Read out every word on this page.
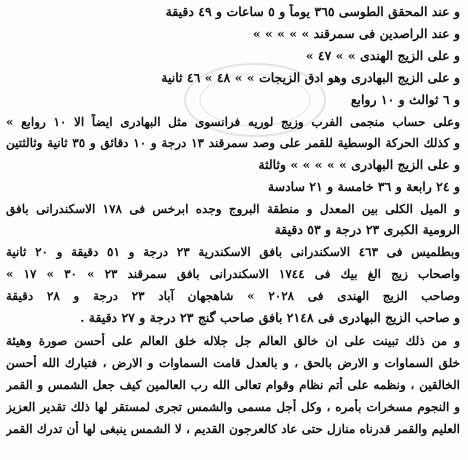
و عند المحقق الطوسى ٣٦٥ يوماً و ٥ ساعات و ٤٩ دقيقة
و عند الراصدين فى سمرقند » » » » »
و على الزيج الهندى » » ٤٧ »
و على الزيج البهادرى وهو ادق الزيجات » » ٤٨ » ٤٦ ثانية
و ٦ ثوالث و ١٠ روابع
وعلى حساب منجمى الفرب وزيج لوريه فرانسوى مثل البهادرى ايضاً الا ١٠ روابع »
و كذلك الحركة الوسطية للقمر على وصد سمرقند ١٣ درجة و ١٠ دقائق و ٣٥ ثانية وثالثتين
و على الزيج البهادرى » » » » » وثالثة
و ٢٤ رابعة و ٣٦ خامسة و ٢١ سادسة
و الميل الكلى بين المعدل و منطقة البروج وجده ابرخس فى ١٧٨ الاسكندرانى بافق
الرومية الكبرى ٢٣ درجة و ٥٣ دقيقة
وبطلميس فى ٤٦٣ الاسكندرانى بافق الاسكندرية ٢٣ درجة و ٥١ دقيقة و ٢٠ ثانية
واصحاب زيج الغ بيك فى ١٧٤٤ الاسكندرانى بافق سمرقند ٢٣ » ٣٠ » ١٧ »
وصاحب الزيج الهندى فى ٢٠٢٨ » شاهجهان آباد ٢٣ درجة و ٢٨ دقيقة
و صاحب الزيج البهادرى فى ٢١٤٨ بافق صاحب گنج ٢٣ درجة و ٢٧ دقيقة .
و من ذلك تبينت على ان خالق العالم جل جلاله خلق العالم على أحسن صورة وهيئة
خلق السماوات و الارض بالحق ، و بالعدل قامت السماوات و الارض ، فتبارك الله أحسن
الخالقين ، ونظمه على أتم نظام وقوام تعالى الله رب العالمين كيف جعل الشمس و القمر
و النجوم مسخرات بأمره ، وكل أجل مسمى والشمس تجرى لمستقر لها ذلك تقدير العزيز
العليم والقمر قدرناه منازل حتى عاد كالعرجون القديم ، لا الشمس ينبغى لها أن تدرك القمر
